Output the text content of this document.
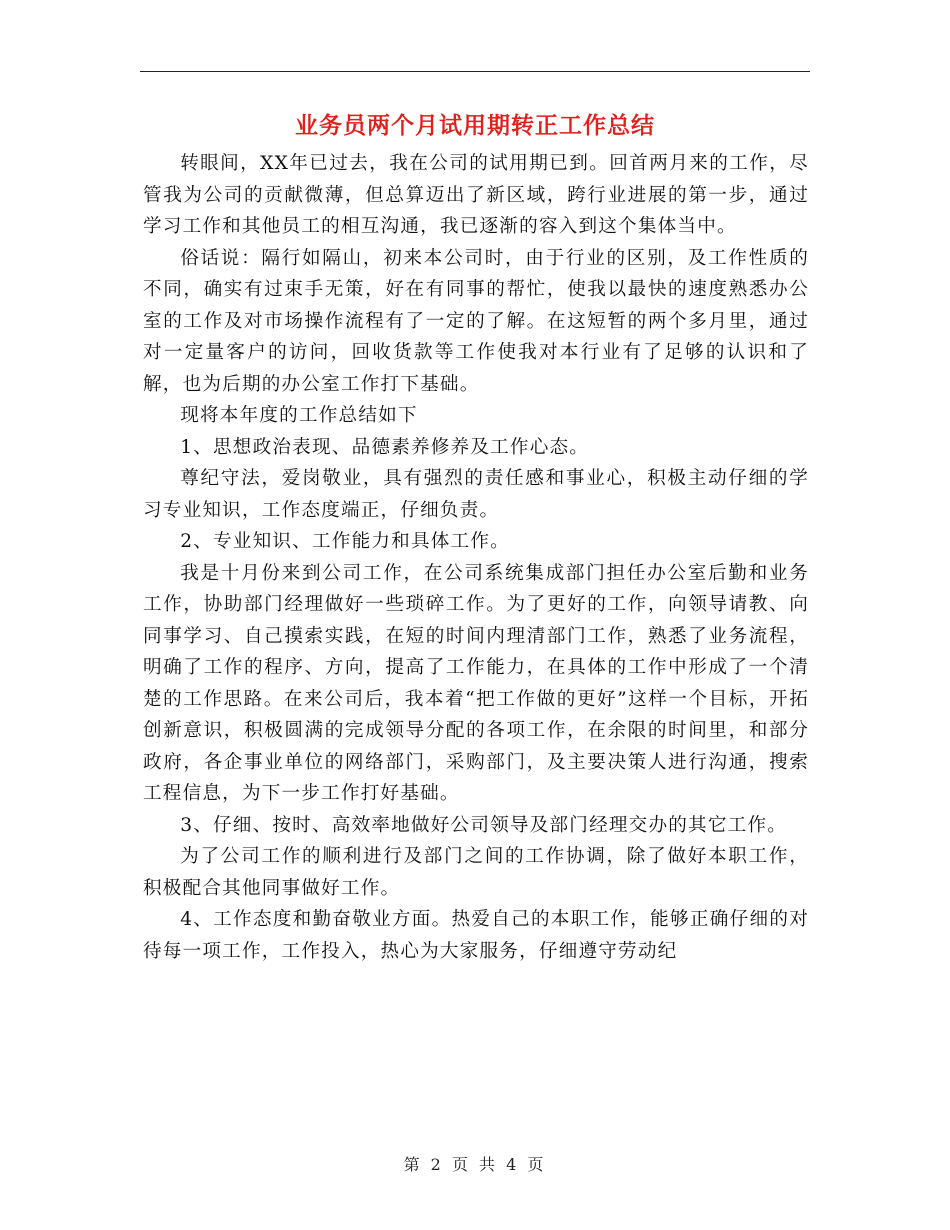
业务员两个月试用期转正工作总结

转眼间，XX年已过去，我在公司的试用期已到。回首两月来的工作，尽管我为公司的贡献微薄，但总算迈出了新区域，跨行业进展的第一步，通过学习工作和其他员工的相互沟通，我已逐渐的容入到这个集体当中。

俗话说：隔行如隔山，初来本公司时，由于行业的区别，及工作性质的不同，确实有过束手无策，好在有同事的帮忙，使我以最快的速度熟悉办公室的工作及对市场操作流程有了一定的了解。在这短暂的两个多月里，通过对一定量客户的访问，回收货款等工作使我对本行业有了足够的认识和了解，也为后期的办公室工作打下基础。

现将本年度的工作总结如下

1、思想政治表现、品德素养修养及工作心态。

尊纪守法，爱岗敬业，具有强烈的责任感和事业心，积极主动仔细的学习专业知识，工作态度端正，仔细负责。

2、专业知识、工作能力和具体工作。

我是十月份来到公司工作，在公司系统集成部门担任办公室后勤和业务工作，协助部门经理做好一些琐碎工作。为了更好的工作，向领导请教、向同事学习、自己摸索实践，在短的时间内理清部门工作，熟悉了业务流程，明确了工作的程序、方向，提高了工作能力，在具体的工作中形成了一个清楚的工作思路。在来公司后，我本着“把工作做的更好”这样一个目标，开拓创新意识，积极圆满的完成领导分配的各项工作，在余限的时间里，和部分政府，各企事业单位的网络部门，采购部门，及主要决策人进行沟通，搜索工程信息，为下一步工作打好基础。

3、仔细、按时、高效率地做好公司领导及部门经理交办的其它工作。

为了公司工作的顺利进行及部门之间的工作协调，除了做好本职工作，积极配合其他同事做好工作。

4、工作态度和勤奋敬业方面。热爱自己的本职工作，能够正确仔细的对待每一项工作，工作投入，热心为大家服务，仔细遵守劳动纪

第 2 页 共 4 页
